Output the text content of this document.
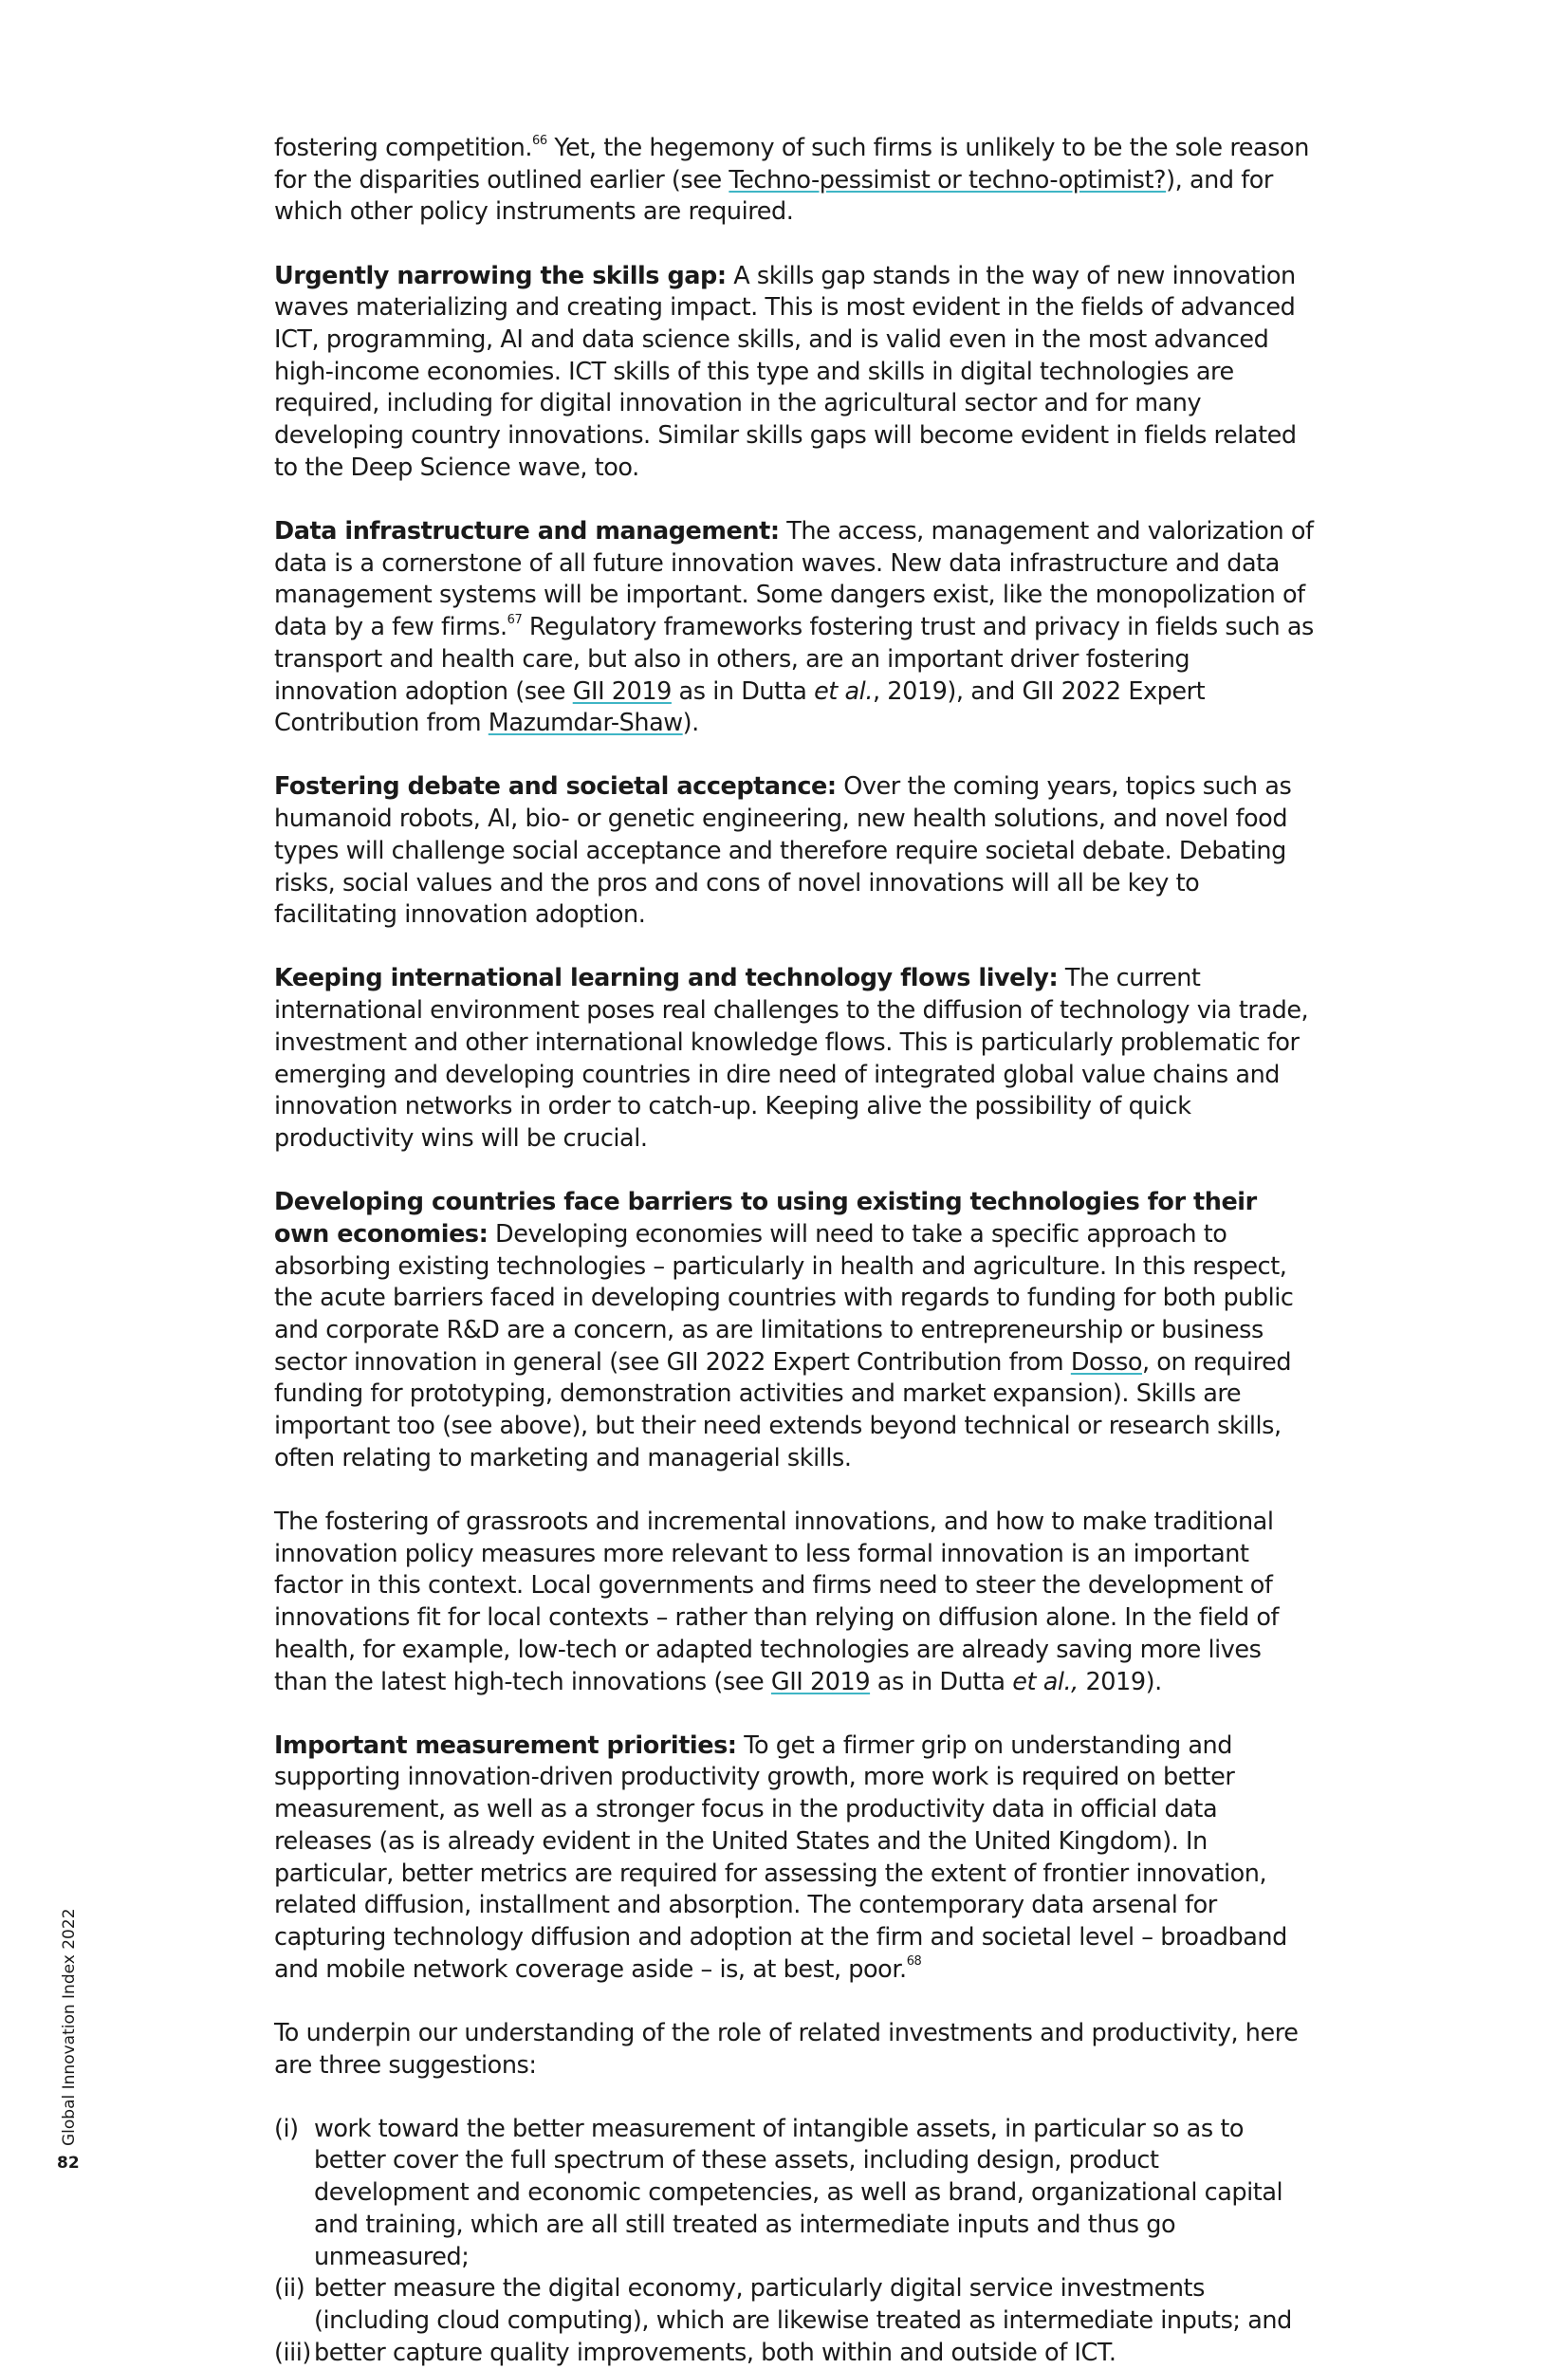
fostering competition.$^{66}$ Yet, the hegemony of such firms is unlikely to be the sole reason for the disparities outlined earlier (see Techno-pessimist or techno-optimist?), and for which other policy instruments are required.

Urgently narrowing the skills gap: A skills gap stands in the way of new innovation waves materializing and creating impact. This is most evident in the fields of advanced ICT, programming, AI and data science skills, and is valid even in the most advanced high-income economies. ICT skills of this type and skills in digital technologies are required, including for digital innovation in the agricultural sector and for many developing country innovations. Similar skills gaps will become evident in fields related to the Deep Science wave, too.

Data infrastructure and management: The access, management and valorization of data is a cornerstone of all future innovation waves. New data infrastructure and data management systems will be important. Some dangers exist, like the monopolization of data by a few firms.$^{67}$ Regulatory frameworks fostering trust and privacy in fields such as transport and health care, but also in others, are an important driver fostering innovation adoption (see GII 2019 as in Dutta et al., 2019), and GII 2022 Expert Contribution from Mazumdar-Shaw).

Fostering debate and societal acceptance: Over the coming years, topics such as humanoid robots, AI, bio- or genetic engineering, new health solutions, and novel food types will challenge social acceptance and therefore require societal debate. Debating risks, social values and the pros and cons of novel innovations will all be key to facilitating innovation adoption.

Keeping international learning and technology flows lively: The current international environment poses real challenges to the diffusion of technology via trade, investment and other international knowledge flows. This is particularly problematic for emerging and developing countries in dire need of integrated global value chains and innovation networks in order to catch-up. Keeping alive the possibility of quick productivity wins will be crucial.

Developing countries face barriers to using existing technologies for their own economies: Developing economies will need to take a specific approach to absorbing existing technologies – particularly in health and agriculture. In this respect, the acute barriers faced in developing countries with regards to funding for both public and corporate R&D are a concern, as are limitations to entrepreneurship or business sector innovation in general (see GII 2022 Expert Contribution from Dosso, on required funding for prototyping, demonstration activities and market expansion). Skills are important too (see above), but their need extends beyond technical or research skills, often relating to marketing and managerial skills.

The fostering of grassroots and incremental innovations, and how to make traditional innovation policy measures more relevant to less formal innovation is an important factor in this context. Local governments and firms need to steer the development of innovations fit for local contexts – rather than relying on diffusion alone. In the field of health, for example, low-tech or adapted technologies are already saving more lives than the latest high-tech innovations (see GII 2019 as in Dutta et al., 2019).

Important measurement priorities: To get a firmer grip on understanding and supporting innovation-driven productivity growth, more work is required on better measurement, as well as a stronger focus in the productivity data in official data releases (as is already evident in the United States and the United Kingdom). In particular, better metrics are required for assessing the extent of frontier innovation, related diffusion, installment and absorption. The contemporary data arsenal for capturing technology diffusion and adoption at the firm and societal level – broadband and mobile network coverage aside – is, at best, poor.$^{68}$

To underpin our understanding of the role of related investments and productivity, here are three suggestions:

(i) work toward the better measurement of intangible assets, in particular so as to better cover the full spectrum of these assets, including design, product development and economic competencies, as well as brand, organizational capital and training, which are all still treated as intermediate inputs and thus go unmeasured;
(ii) better measure the digital economy, particularly digital service investments (including cloud computing), which are likewise treated as intermediate inputs; and
(iii) better capture quality improvements, both within and outside of ICT.
Global Innovation Index 2022
82
